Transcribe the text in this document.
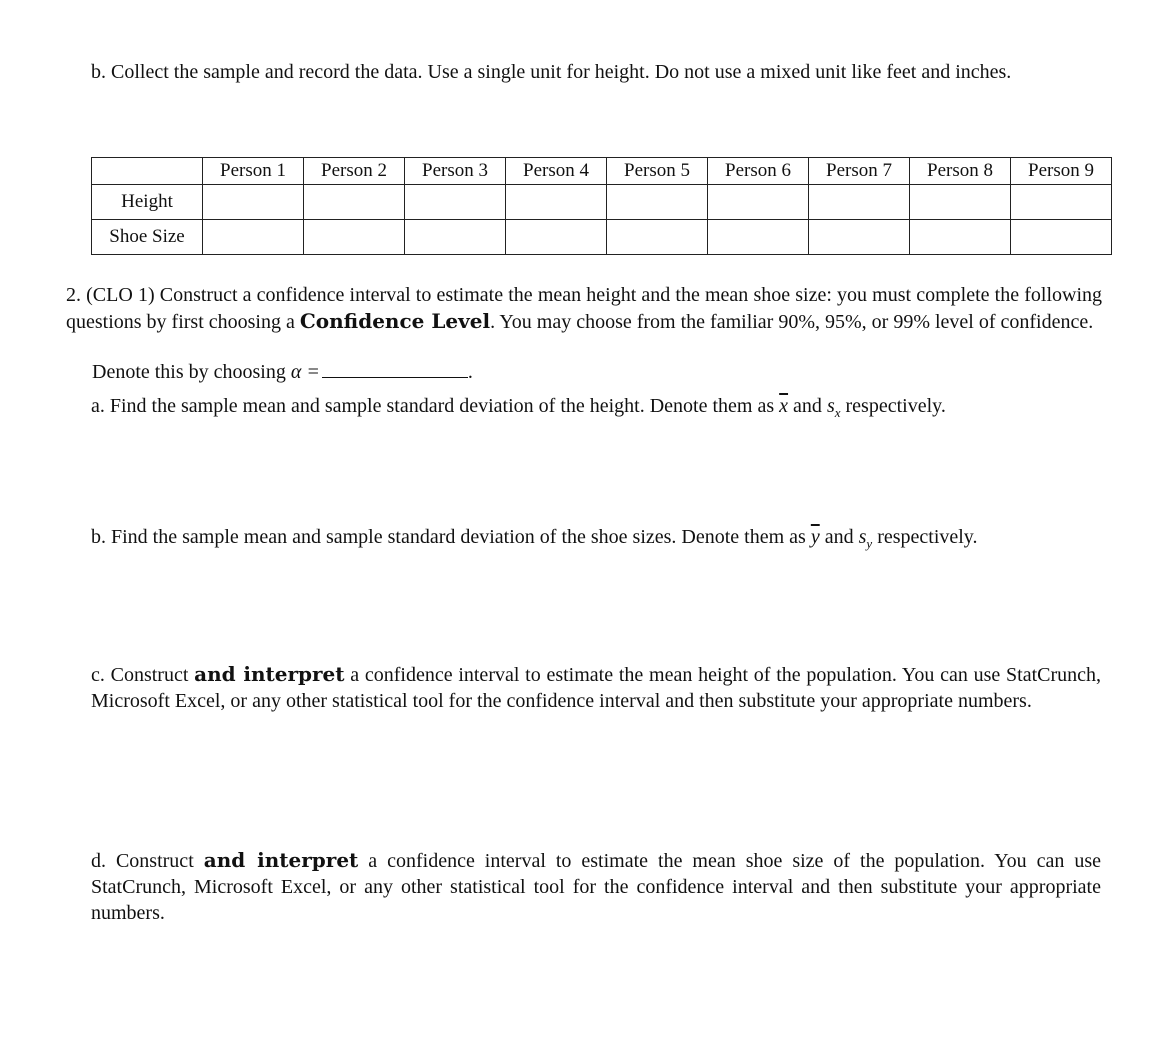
b. Collect the sample and record the data. Use a single unit for height. Do not use a mixed unit like feet and inches.
	Person 1	Person 2	Person 3	Person 4	Person 5	Person 6	Person 7	Person 8	Person 9
Height									
Shoe Size									
2. (CLO 1) Construct a confidence interval to estimate the mean height and the mean shoe size: you must complete the following questions by first choosing a Confidence Level. You may choose from the familiar 90%, 95%, or 99% level of confidence.
Denote this by choosing α =	.
a. Find the sample mean and sample standard deviation of the height. Denote them as $\overline{x}$ and $s_x$ respectively.
b. Find the sample mean and sample standard deviation of the shoe sizes. Denote them as $\overline{y}$ and $s_y$ respectively.
c. Construct and interpret a confidence interval to estimate the mean height of the population. You can use StatCrunch, Microsoft Excel, or any other statistical tool for the confidence interval and then substitute your appropriate numbers.
d. Construct and interpret a confidence interval to estimate the mean shoe size of the population. You can use StatCrunch, Microsoft Excel, or any other statistical tool for the confidence interval and then substitute your appropriate numbers.
